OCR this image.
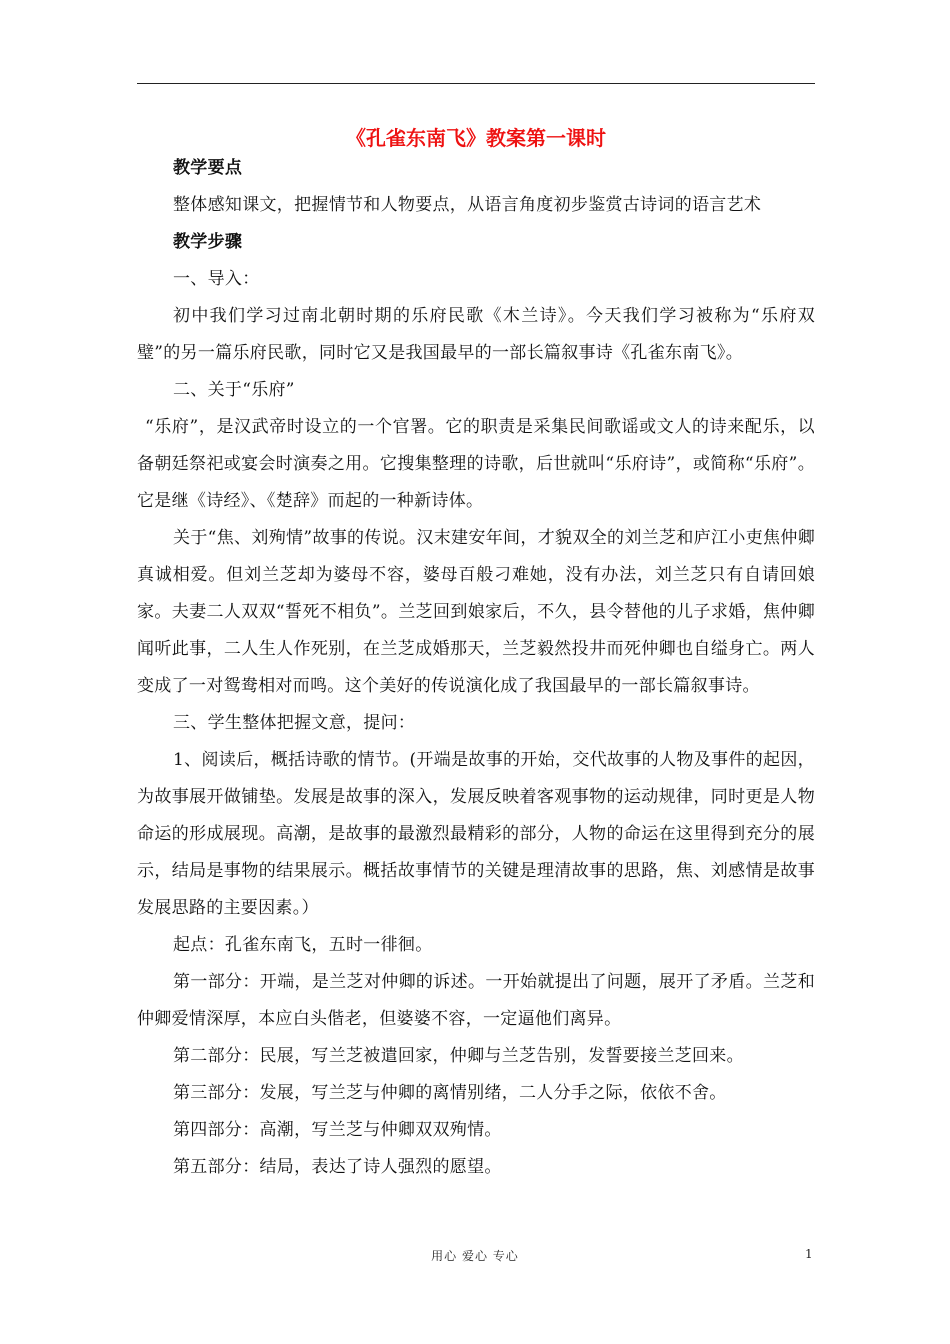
《孔雀东南飞》教案第一课时

教学要点

整体感知课文，把握情节和人物要点，从语言角度初步鉴赏古诗词的语言艺术

教学步骤

一、导入：

初中我们学习过南北朝时期的乐府民歌《木兰诗》。今天我们学习被称为“乐府双璧”的另一篇乐府民歌，同时它又是我国最早的一部长篇叙事诗《孔雀东南飞》。

二、关于“乐府”

“乐府”，是汉武帝时设立的一个官署。它的职责是采集民间歌谣或文人的诗来配乐，以备朝廷祭祀或宴会时演奏之用。它搜集整理的诗歌，后世就叫“乐府诗”，或简称“乐府”。它是继《诗经》、《楚辞》而起的一种新诗体。

关于“焦、刘殉情”故事的传说。汉末建安年间，才貌双全的刘兰芝和庐江小吏焦仲卿真诚相爱。但刘兰芝却为婆母不容，婆母百般刁难她，没有办法，刘兰芝只有自请回娘家。夫妻二人双双“誓死不相负”。兰芝回到娘家后，不久，县令替他的儿子求婚，焦仲卿闻听此事，二人生人作死别，在兰芝成婚那天，兰芝毅然投井而死仲卿也自缢身亡。两人变成了一对鸳鸯相对而鸣。这个美好的传说演化成了我国最早的一部长篇叙事诗。

三、学生整体把握文意，提问：

1、阅读后，概括诗歌的情节。(开端是故事的开始，交代故事的人物及事件的起因，为故事展开做铺垫。发展是故事的深入，发展反映着客观事物的运动规律，同时更是人物命运的形成展现。高潮，是故事的最激烈最精彩的部分，人物的命运在这里得到充分的展示，结局是事物的结果展示。概括故事情节的关键是理清故事的思路，焦、刘感情是故事发展思路的主要因素。）

起点：孔雀东南飞，五时一徘徊。

第一部分：开端，是兰芝对仲卿的诉述。一开始就提出了问题，展开了矛盾。兰芝和仲卿爱情深厚，本应白头偕老，但婆婆不容，一定逼他们离异。

第二部分：民展，写兰芝被遣回家，仲卿与兰芝告别，发誓要接兰芝回来。

第三部分：发展，写兰芝与仲卿的离情别绪，二人分手之际，依依不舍。

第四部分：高潮，写兰芝与仲卿双双殉情。

第五部分：结局，表达了诗人强烈的愿望。

用心 爱心 专心	1
